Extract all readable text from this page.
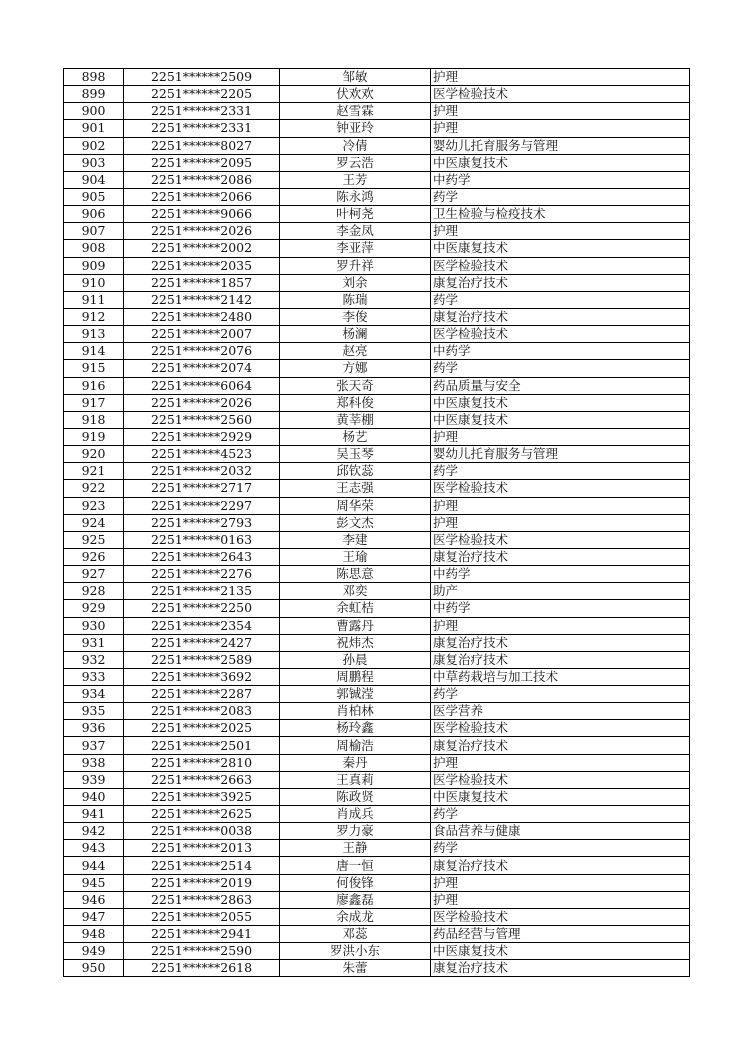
898	2251******2509	邹敏	护理
899	2251******2205	伏欢欢	医学检验技术
900	2251******2331	赵雪霖	护理
901	2251******2331	钟亚玲	护理
902	2251******8027	冷倩	婴幼儿托育服务与管理
903	2251******2095	罗云浩	中医康复技术
904	2251******2086	王芳	中药学
905	2251******2066	陈永鸿	药学
906	2251******9066	叶柯尧	卫生检验与检疫技术
907	2251******2026	李金凤	护理
908	2251******2002	李亚萍	中医康复技术
909	2251******2035	罗升祥	医学检验技术
910	2251******1857	刘余	康复治疗技术
911	2251******2142	陈瑞	药学
912	2251******2480	李俊	康复治疗技术
913	2251******2007	杨澜	医学检验技术
914	2251******2076	赵亮	中药学
915	2251******2074	方娜	药学
916	2251******6064	张天奇	药品质量与安全
917	2251******2026	郑科俊	中医康复技术
918	2251******2560	黄莘棚	中医康复技术
919	2251******2929	杨艺	护理
920	2251******4523	吴玉琴	婴幼儿托育服务与管理
921	2251******2032	邱钦蕊	药学
922	2251******2717	王志强	医学检验技术
923	2251******2297	周华荣	护理
924	2251******2793	彭文杰	护理
925	2251******0163	李建	医学检验技术
926	2251******2643	王瑜	康复治疗技术
927	2251******2276	陈思意	中药学
928	2251******2135	邓奕	助产
929	2251******2250	余虹桔	中药学
930	2251******2354	曹露丹	护理
931	2251******2427	祝炜杰	康复治疗技术
932	2251******2589	孙晨	康复治疗技术
933	2251******3692	周鹏程	中草药栽培与加工技术
934	2251******2287	郭铖滢	药学
935	2251******2083	肖柏林	医学营养
936	2251******2025	杨玲鑫	医学检验技术
937	2251******2501	周榆浩	康复治疗技术
938	2251******2810	秦丹	护理
939	2251******2663	王真莉	医学检验技术
940	2251******3925	陈政贤	中医康复技术
941	2251******2625	肖成兵	药学
942	2251******0038	罗力豪	食品营养与健康
943	2251******2013	王静	药学
944	2251******2514	唐一恒	康复治疗技术
945	2251******2019	何俊锋	护理
946	2251******2863	廖鑫磊	护理
947	2251******2055	余成龙	医学检验技术
948	2251******2941	邓蕊	药品经营与管理
949	2251******2590	罗洪小东	中医康复技术
950	2251******2618	朱蕾	康复治疗技术
